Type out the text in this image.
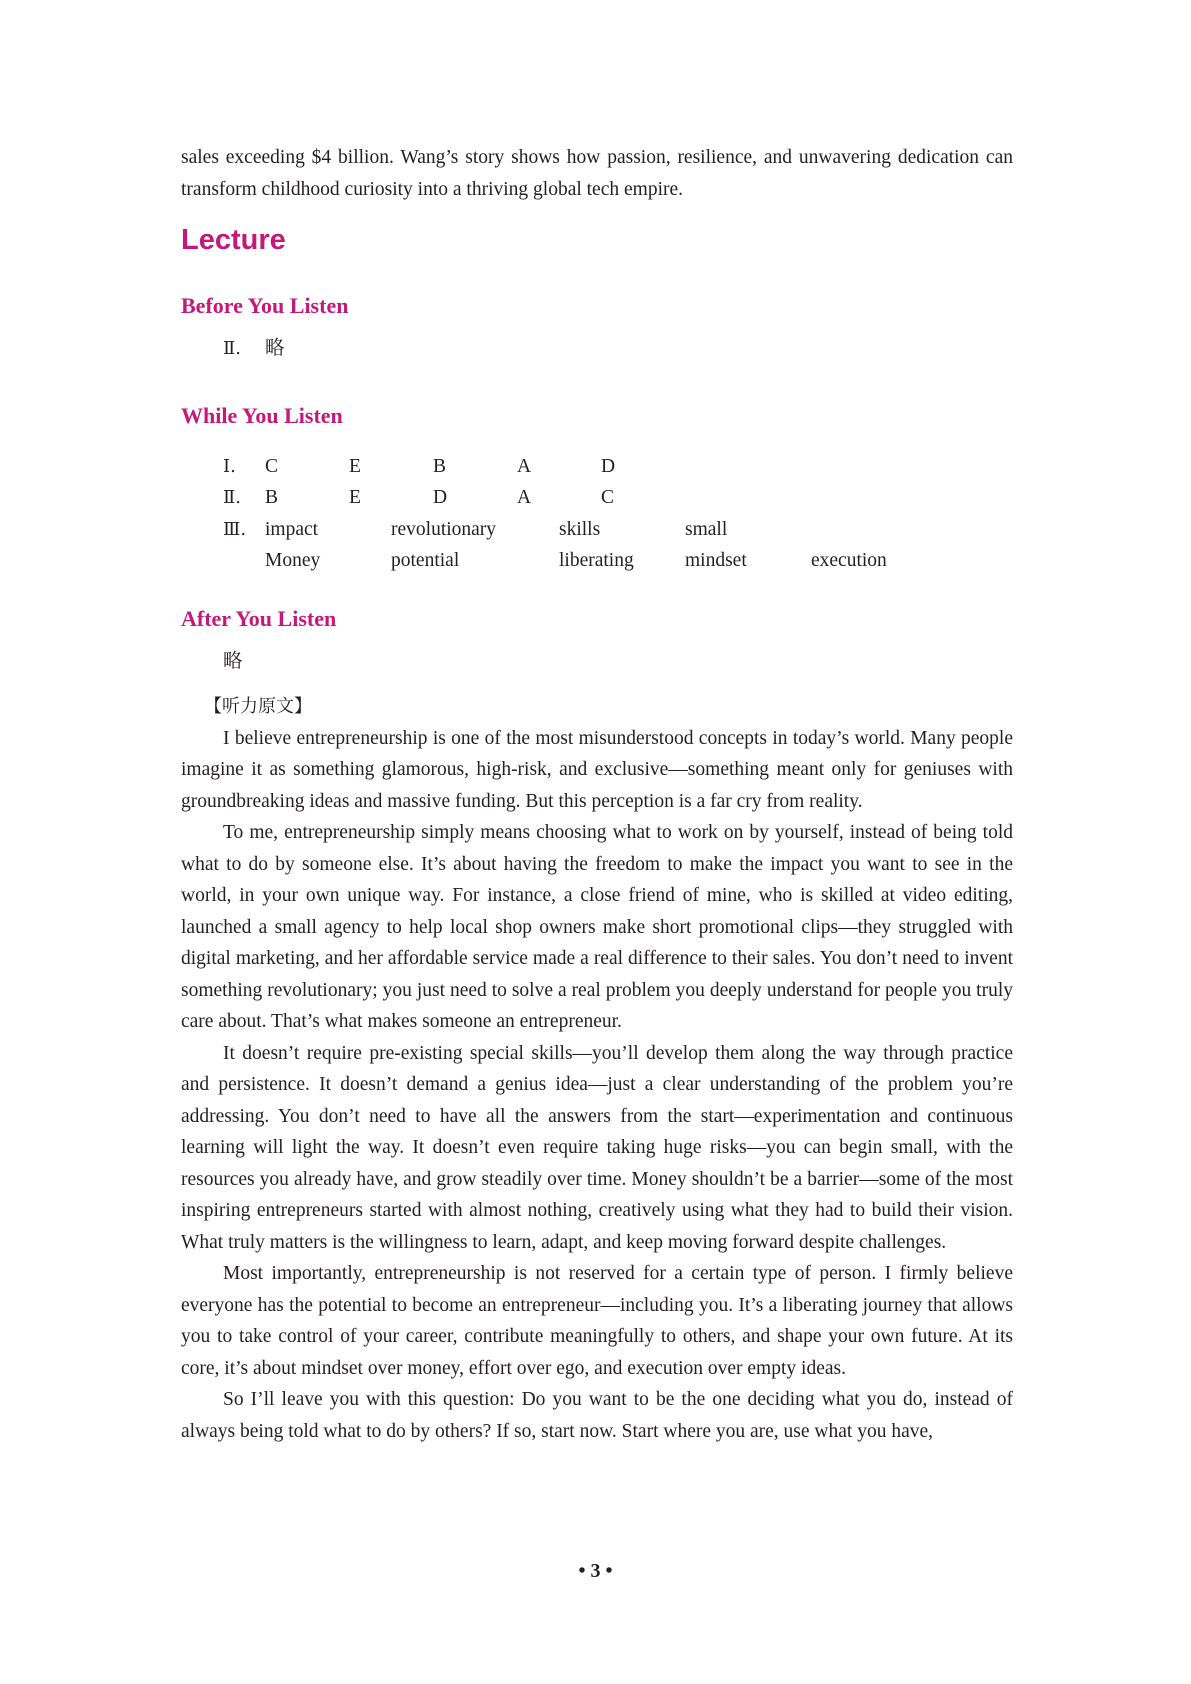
sales exceeding $4 billion. Wang’s story shows how passion, resilience, and unwavering dedication can transform childhood curiosity into a thriving global tech empire.

Lecture
Before You Listen

Ⅱ. 略

While You Listen
Ⅰ.	C	E	B	A	D
Ⅱ.	B	E	D	A	C
Ⅲ. impact	revolutionary	skills	small
Money	potential	liberating	mindset	execution
After You Listen

略

【听力原文】

I believe entrepreneurship is one of the most misunderstood concepts in today’s world. Many people imagine it as something glamorous, high-risk, and exclusive—something meant only for geniuses with groundbreaking ideas and massive funding. But this perception is a far cry from reality.

To me, entrepreneurship simply means choosing what to work on by yourself, instead of being told what to do by someone else. It’s about having the freedom to make the impact you want to see in the world, in your own unique way. For instance, a close friend of mine, who is skilled at video editing, launched a small agency to help local shop owners make short promotional clips—they struggled with digital marketing, and her affordable service made a real difference to their sales. You don’t need to invent something revolutionary; you just need to solve a real problem you deeply understand for people you truly care about. That’s what makes someone an entrepreneur.

It doesn’t require pre-existing special skills—you’ll develop them along the way through practice and persistence. It doesn’t demand a genius idea—just a clear understanding of the problem you’re addressing. You don’t need to have all the answers from the start—experimentation and continuous learning will light the way. It doesn’t even require taking huge risks—you can begin small, with the resources you already have, and grow steadily over time. Money shouldn’t be a barrier—some of the most inspiring entrepreneurs started with almost nothing, creatively using what they had to build their vision. What truly matters is the willingness to learn, adapt, and keep moving forward despite challenges.

Most importantly, entrepreneurship is not reserved for a certain type of person. I firmly believe everyone has the potential to become an entrepreneur—including you. It’s a liberating journey that allows you to take control of your career, contribute meaningfully to others, and shape your own future. At its core, it’s about mindset over money, effort over ego, and execution over empty ideas.

So I’ll leave you with this question: Do you want to be the one deciding what you do, instead of always being told what to do by others? If so, start now. Start where you are, use what you have,

• 3 •
